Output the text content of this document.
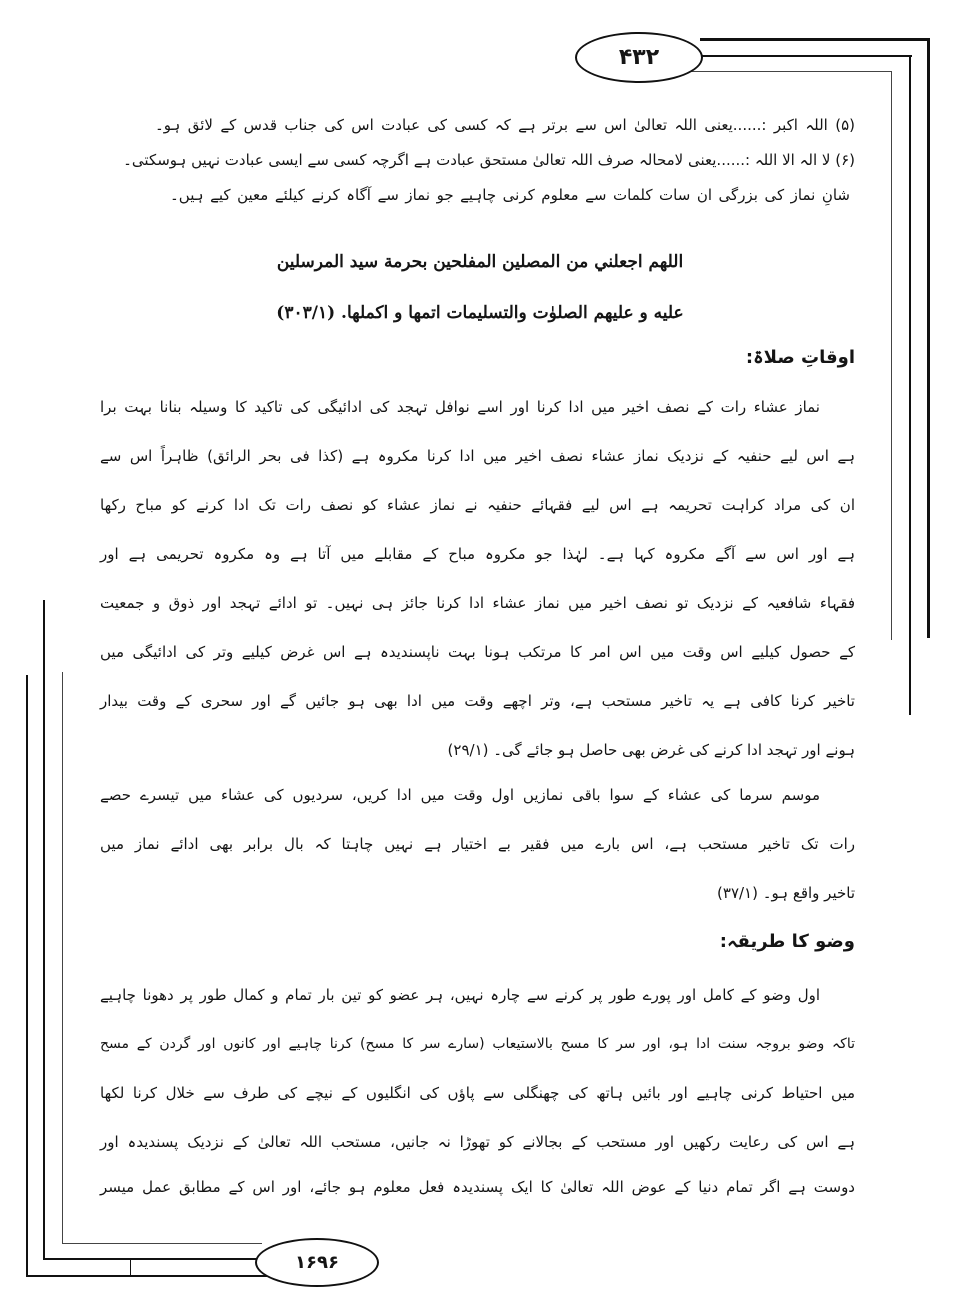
۴۳۲
۱۶۹۶
(۵) اللہ اکبر :......یعنی اللہ تعالیٰ اس سے برتر ہے کہ کسی کی عبادت اس کی جناب قدس کے لائق ہو۔
(۶) لا الہ الا اللہ :......یعنی لامحالہ صرف اللہ تعالیٰ مستحق عبادت ہے اگرچہ کسی سے ایسی عبادت نہیں ہوسکتی۔
شانِ نماز کی بزرگی ان سات کلمات سے معلوم کرنی چاہیے جو نماز سے آگاہ کرنے کیلئے معین کیے ہیں۔
اللهم اجعلني من المصلين المفلحين بحرمة سيد المرسلين
عليه و عليهم الصلوٰت والتسليمات اتمها و اكملها. (۳۰۳/۱)
اوقاتِ صلاۃ:
نماز عشاء رات کے نصف اخیر میں ادا کرنا اور اسے نوافل تہجد کی ادائیگی کی تاکید کا وسیلہ بنانا بہت برا
ہے اس لیے حنفیہ کے نزدیک نماز عشاء نصف اخیر میں ادا کرنا مکروہ ہے (کذا فی بحر الرائق) ظاہراً اس سے
ان کی مراد کراہت تحریمہ ہے اس لیے فقہائے حنفیہ نے نماز عشاء کو نصف رات تک ادا کرنے کو مباح رکھا
ہے اور اس سے آگے مکروہ کہا ہے۔ لہٰذا جو مکروہ مباح کے مقابلے میں آتا ہے وہ مکروہ تحریمی ہے اور
فقہاء شافعیہ کے نزدیک تو نصف اخیر میں نماز عشاء ادا کرنا جائز ہی نہیں۔ تو ادائے تہجد اور ذوق و جمعیت
کے حصول کیلیے اس وقت میں اس امر کا مرتکب ہونا بہت ناپسندیدہ ہے اس غرض کیلیے وتر کی ادائیگی میں
تاخیر کرنا کافی ہے یہ تاخیر مستحب ہے، وتر اچھے وقت میں ادا بھی ہو جائیں گے اور سحری کے وقت بیدار
ہونے اور تہجد ادا کرنے کی غرض بھی حاصل ہو جائے گی۔ (۲۹/۱)
موسم سرما کی عشاء کے سوا باقی نمازیں اول وقت میں ادا کریں، سردیوں کی عشاء میں تیسرے حصے
رات تک تاخیر مستحب ہے، اس بارے میں فقیر بے اختیار ہے نہیں چاہتا کہ بال برابر بھی ادائے نماز میں
تاخیر واقع ہو۔ (۳۷/۱)
وضو کا طریقہ:
اول وضو کے کامل اور پورے طور پر کرنے سے چارہ نہیں، ہر عضو کو تین بار تمام و کمال طور پر دھونا چاہیے
تاکہ وضو بروجہ سنت ادا ہو، اور سر کا مسح بالاستیعاب (سارے سر کا مسح) کرنا چاہیے اور کانوں اور گردن کے مسح
میں احتیاط کرنی چاہیے اور بائیں ہاتھ کی چھنگلی سے پاؤں کی انگلیوں کے نیچے کی طرف سے خلال کرنا لکھا
ہے اس کی رعایت رکھیں اور مستحب کے بجالانے کو تھوڑا نہ جانیں، مستحب اللہ تعالیٰ کے نزدیک پسندیدہ اور
دوست ہے اگر تمام دنیا کے عوض اللہ تعالیٰ کا ایک پسندیدہ فعل معلوم ہو جائے، اور اس کے مطابق عمل میسر
